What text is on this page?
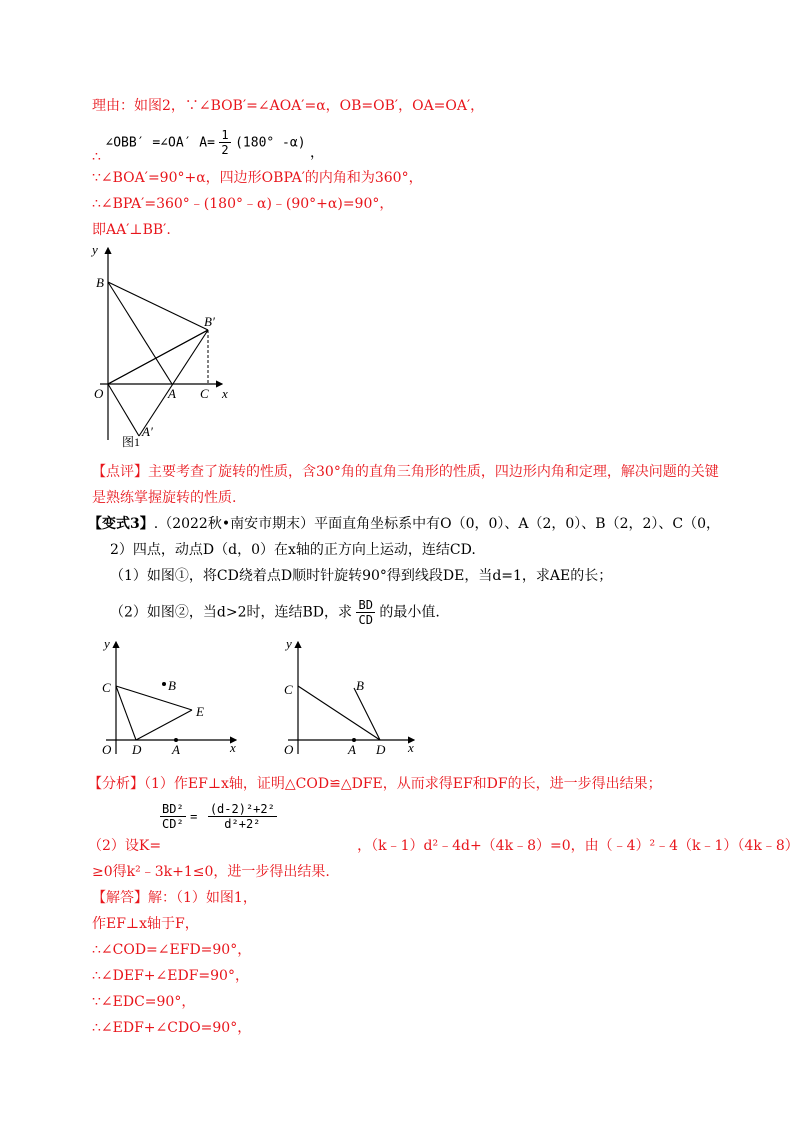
理由：如图2，∵∠BOB′=∠AOA′=α，OB=OB′，OA=OA′，
∴ ∠OBB′ =∠OA′ $A= \frac{1}{2} (180^\circ$ -α) ，
∵∠BOA′=90°+α，四边形OBPA′的内角和为360°，
∴∠BPA′=360°﹣(180°﹣α)﹣(90°+α)=90°，
即AA′⊥BB′.
y
x
B
B′
O	A C
A′
图1
【点评】主要考查了旋转的性质，含30°角的直角三角形的性质，四边形内角和定理，解决问题的关键
是熟练掌握旋转的性质.
【变式3】.（2022秋•南安市期末）平面直角坐标系中有O（0，0）、A（2，0）、B（2，2）、C（0，
2）四点，动点D（d，0）在x轴的正方向上运动，连结CD.
（1）如图①，将CD绕着点D顺时针旋转90°得到线段DE，当d=1，求AE的长；
（2）如图②，当d>2时，连结BD，求 $\frac{BD}{CD}$ 的最小值.
y
x
C	B
E
O D A
y
x
C	B
O	A D
【分析】（1）作EF⊥x轴，证明△COD≌△DFE，从而求得EF和DF的长，进一步得出结果；
$\frac{\text{BD²}}{\text{CD²}} = \frac{\text{(d-2)²+2²}}{\text{d²+2²}}$
（2）设K=	，（k﹣1）d²﹣4d+（4k﹣8）=0，由（﹣4）²﹣4（k﹣1）（4k﹣8）
≥0得k²﹣3k+1≤0，进一步得出结果.
【解答】解：（1）如图1，
作EF⊥x轴于F，
∴∠COD=∠EFD=90°，
∴∠DEF+∠EDF=90°，
∵∠EDC=90°，
∴∠EDF+∠CDO=90°，
